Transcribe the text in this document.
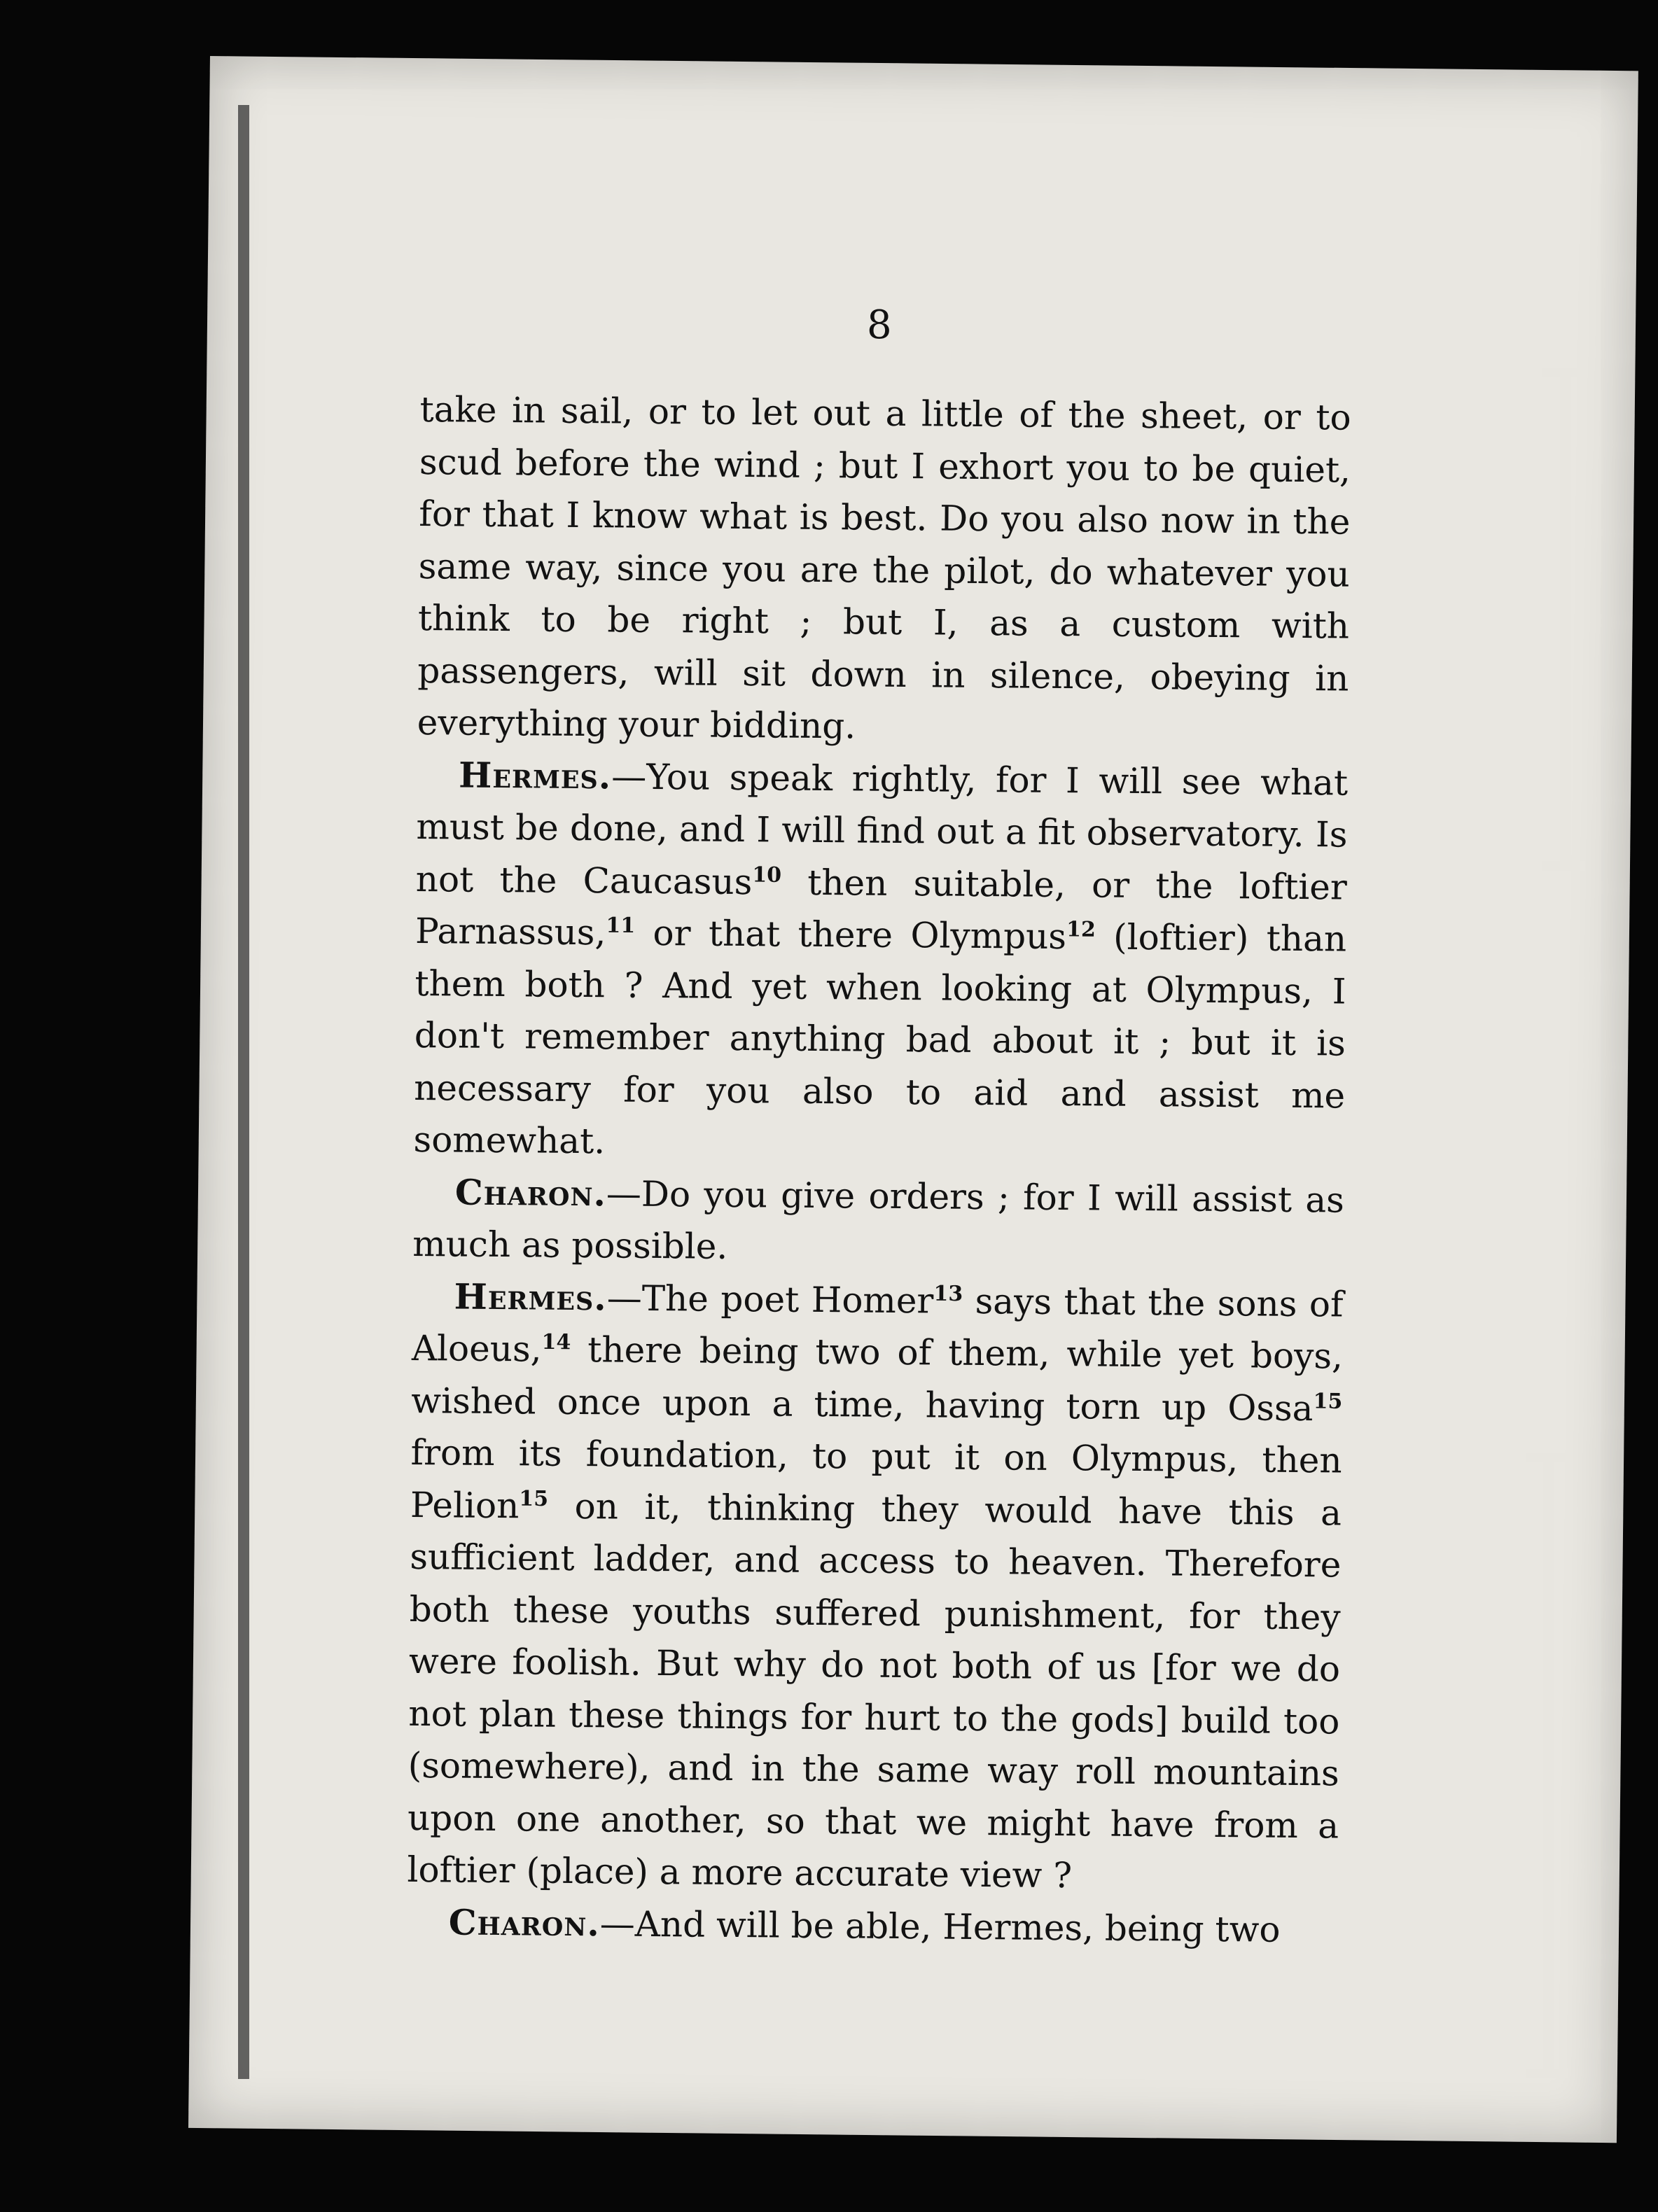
8

take in sail, or to let out a little of the sheet, or to scud before the wind ; but I exhort you to be quiet, for that I know what is best. Do you also now in the same way, since you are the pilot, do whatever you think to be right ; but I, as a custom with passengers, will sit down in silence, obeying in everything your bidding.

Hermes.—You speak rightly, for I will see what must be done, and I will find out a fit observatory. Is not the Caucasus$^{10}$ then suitable, or the loftier Parnassus,$^{11}$ or that there Olympus$^{12}$ (loftier) than them both ? And yet when looking at Olympus, I don't remember anything bad about it ; but it is necessary for you also to aid and assist me somewhat.

Charon.—Do you give orders ; for I will assist as much as possible.

Hermes.—The poet Homer$^{13}$ says that the sons of Aloeus,$^{14}$ there being two of them, while yet boys, wished once upon a time, having torn up Ossa$^{15}$ from its foundation, to put it on Olympus, then Pelion$^{15}$ on it, thinking they would have this a sufficient ladder, and access to heaven. Therefore both these youths suffered punishment, for they were foolish. But why do not both of us [for we do not plan these things for hurt to the gods] build too (somewhere), and in the same way roll mountains upon one another, so that we might have from a loftier (place) a more accurate view ?

Charon.—And will be able, Hermes, being two
